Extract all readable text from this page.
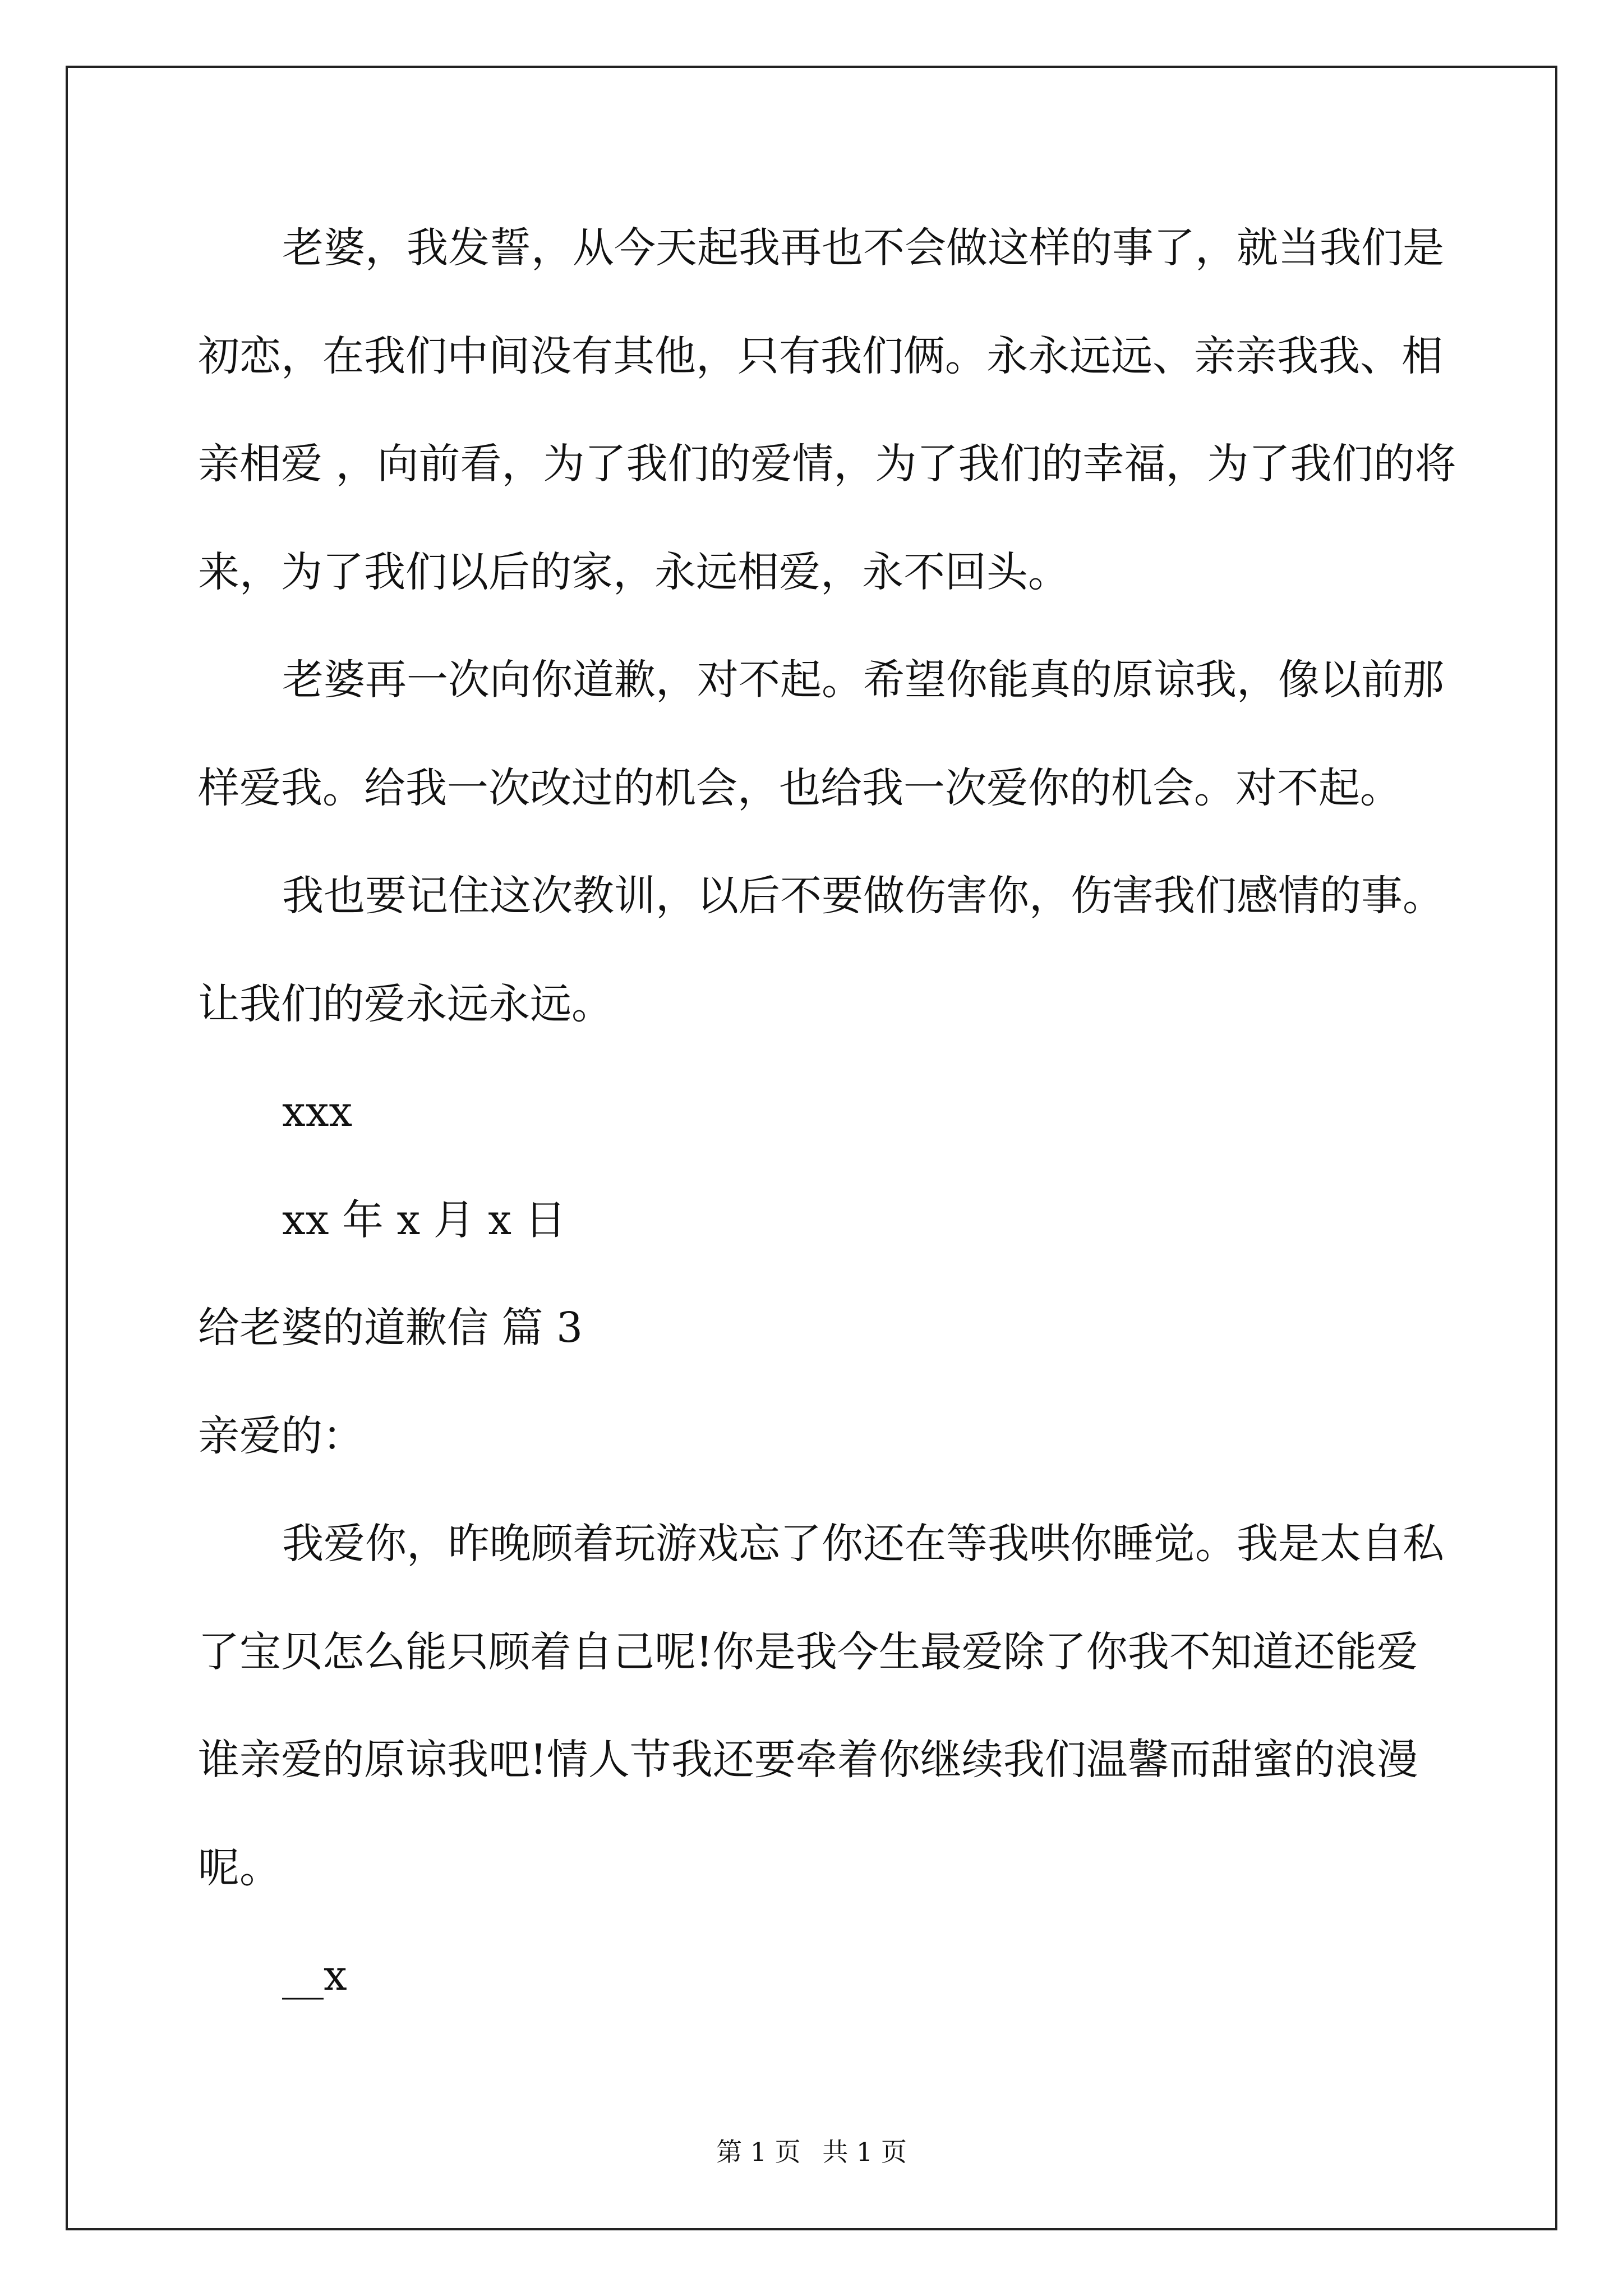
老婆，我发誓，从今天起我再也不会做这样的事了，就当我们是
初恋，在我们中间没有其他，只有我们俩。永永远远、亲亲我我、相
亲相爱 ，向前看，为了我们的爱情，为了我们的幸福，为了我们的将
来，为了我们以后的家，永远相爱，永不回头。
老婆再一次向你道歉，对不起。希望你能真的原谅我，像以前那
样爱我。给我一次改过的机会，也给我一次爱你的机会。对不起。
我也要记住这次教训，以后不要做伤害你，伤害我们感情的事。
让我们的爱永远永远。
xxx
xx 年 x 月 x 日
给老婆的道歉信 篇 3
亲爱的：
我爱你，昨晚顾着玩游戏忘了你还在等我哄你睡觉。我是太自私
了宝贝怎么能只顾着自己呢!你是我今生最爱除了你我不知道还能爱
谁亲爱的原谅我吧!情人节我还要牵着你继续我们温馨而甜蜜的浪漫
呢。
__x
第 1 页 共 1 页
